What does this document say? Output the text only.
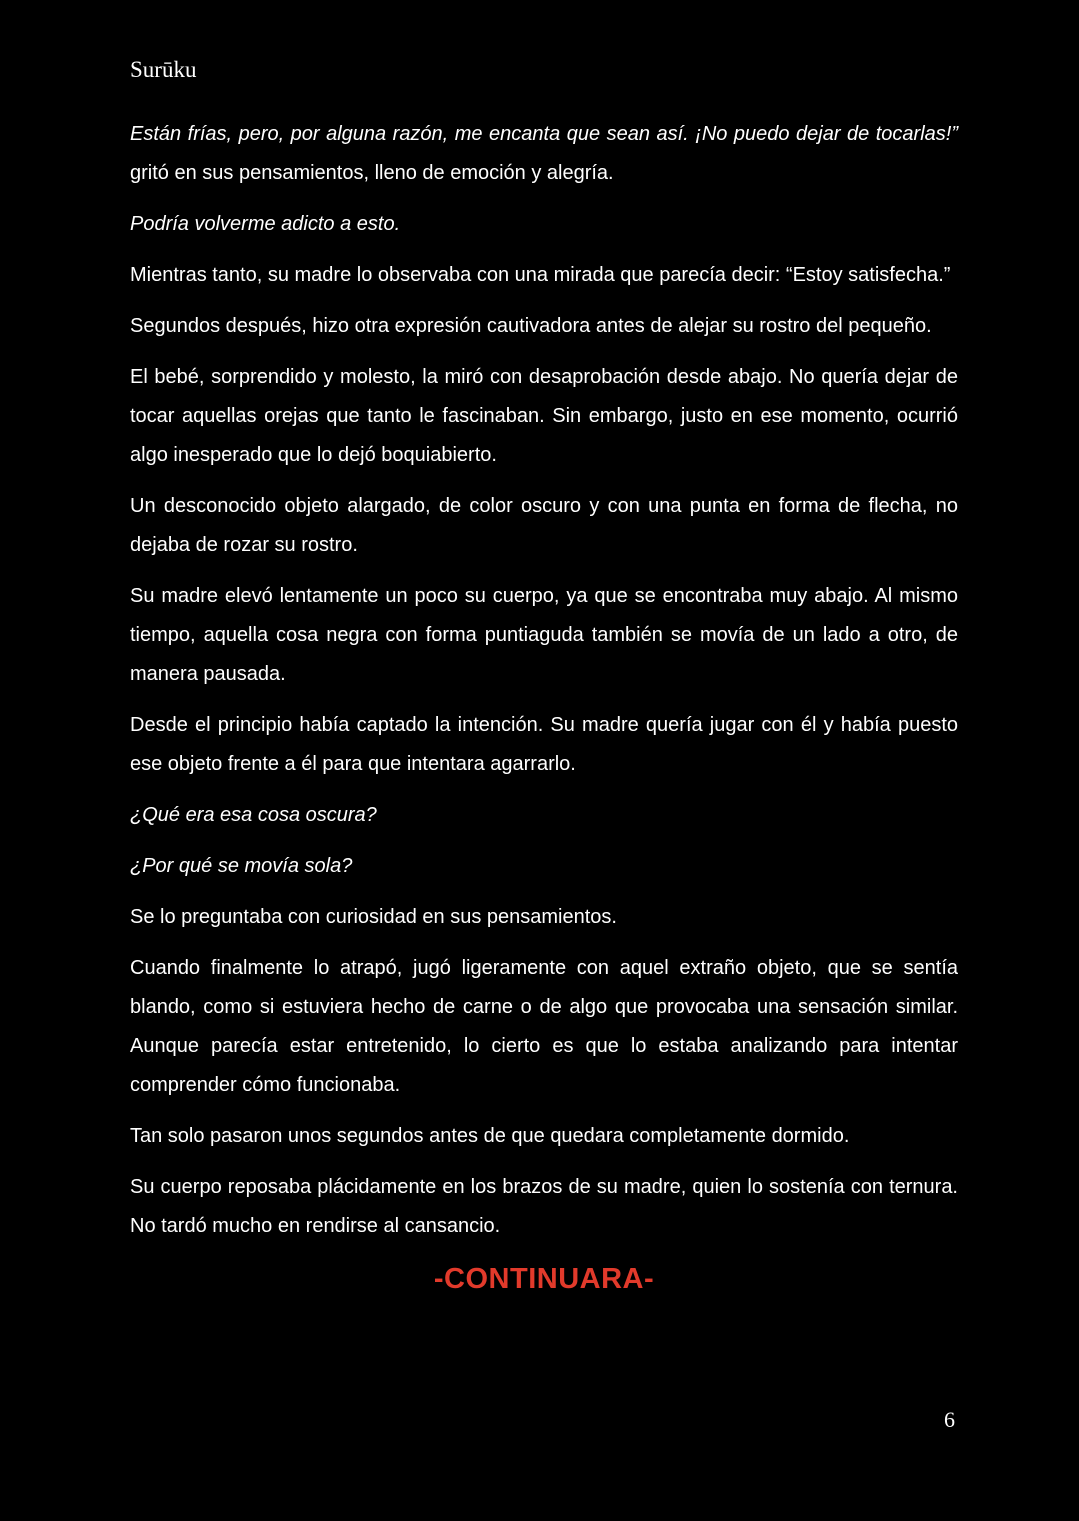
Surūku

Están frías, pero, por alguna razón, me encanta que sean así. ¡No puedo dejar de tocarlas!” gritó en sus pensamientos, lleno de emoción y alegría.

Podría volverme adicto a esto.

Mientras tanto, su madre lo observaba con una mirada que parecía decir: “Estoy satisfecha.”

Segundos después, hizo otra expresión cautivadora antes de alejar su rostro del pequeño.

El bebé, sorprendido y molesto, la miró con desaprobación desde abajo. No quería dejar de tocar aquellas orejas que tanto le fascinaban. Sin embargo, justo en ese momento, ocurrió algo inesperado que lo dejó boquiabierto.

Un desconocido objeto alargado, de color oscuro y con una punta en forma de flecha, no dejaba de rozar su rostro.

Su madre elevó lentamente un poco su cuerpo, ya que se encontraba muy abajo. Al mismo tiempo, aquella cosa negra con forma puntiaguda también se movía de un lado a otro, de manera pausada.

Desde el principio había captado la intención. Su madre quería jugar con él y había puesto ese objeto frente a él para que intentara agarrarlo.

¿Qué era esa cosa oscura?

¿Por qué se movía sola?

Se lo preguntaba con curiosidad en sus pensamientos.

Cuando finalmente lo atrapó, jugó ligeramente con aquel extraño objeto, que se sentía blando, como si estuviera hecho de carne o de algo que provocaba una sensación similar. Aunque parecía estar entretenido, lo cierto es que lo estaba analizando para intentar comprender cómo funcionaba.

Tan solo pasaron unos segundos antes de que quedara completamente dormido.

Su cuerpo reposaba plácidamente en los brazos de su madre, quien lo sostenía con ternura. No tardó mucho en rendirse al cansancio.

-CONTINUARA-
6
